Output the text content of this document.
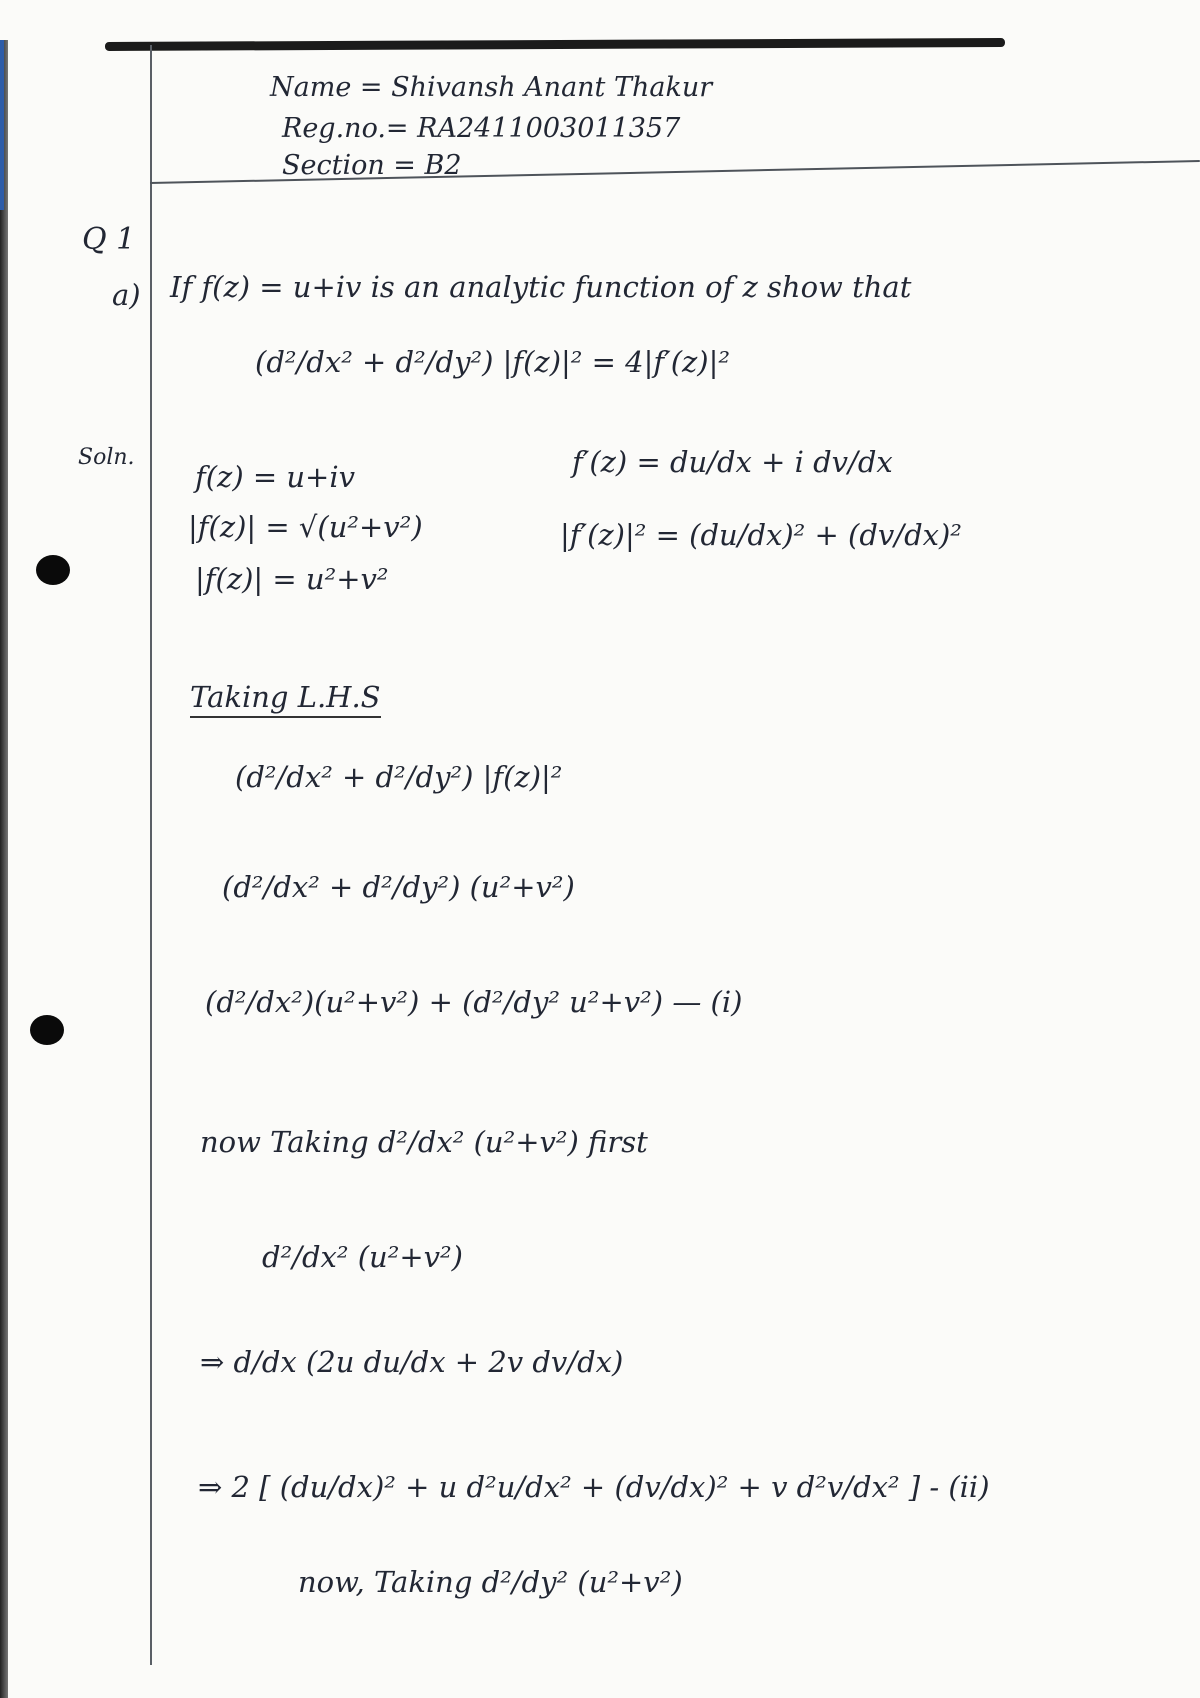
Name = Shivansh Anant Thakur
Reg.no.= RA2411003011357
Section = B2
Q 1
a) If f(z) = u+iv is an analytic function of z show that
(d²/dx² + d²/dy²) |f(z)|² = 4|f′(z)|²
Soln.
f(z) = u+iv
|f(z)| = √(u²+v²)
|f(z)| = u²+v²
f′(z) = du/dx + i dv/dx
|f′(z)|² = (du/dx)² + (dv/dx)²
Taking L.H.S
(d²/dx² + d²/dy²) |f(z)|²
(d²/dx² + d²/dy²) (u²+v²)
(d²/dx²)(u²+v²) + (d²/dy² u²+v²) — (i)
now Taking d²/dx² (u²+v²) first
d²/dx² (u²+v²)
⇒ d/dx (2u du/dx + 2v dv/dx)
⇒ 2 [ (du/dx)² + u d²u/dx² + (dv/dx)² + v d²v/dx² ] - (ii)
now, Taking d²/dy² (u²+v²)
